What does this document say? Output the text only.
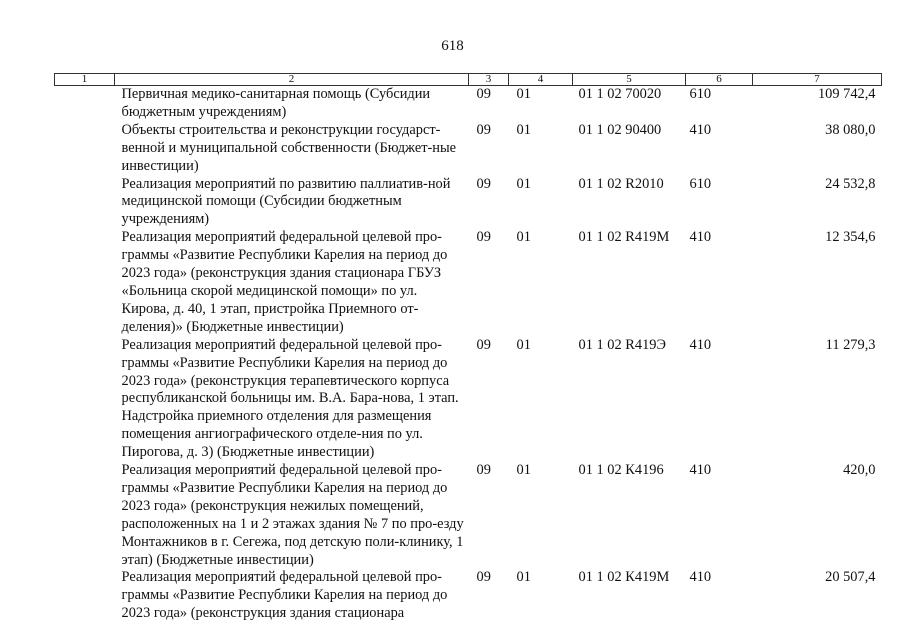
618
1	2	3	4	5	6	7
	Первичная медико-санитарная помощь (Субсидии бюджетным учреждениям)	09	01	01 1 02 70020	610	109 742,4
	Объекты строительства и реконструкции государст-венной и муниципальной собственности (Бюджет-ные инвестиции)	09	01	01 1 02 90400	410	38 080,0
	Реализация мероприятий по развитию паллиатив-ной медицинской помощи (Субсидии бюджетным учреждениям)	09	01	01 1 02 R2010	610	24 532,8
	Реализация мероприятий федеральной целевой про-граммы «Развитие Республики Карелия на период до 2023 года» (реконструкция здания стационара ГБУЗ «Больница скорой медицинской помощи» по ул. Кирова, д. 40, 1 этап, пристройка Приемного от-деления)» (Бюджетные инвестиции)	09	01	01 1 02 R419M	410	12 354,6
	Реализация мероприятий федеральной целевой про-граммы «Развитие Республики Карелия на период до 2023 года» (реконструкция терапевтического корпуса республиканской больницы им. В.А. Бара-нова, 1 этап. Надстройка приемного отделения для размещения помещения ангиографического отделе-ния по ул. Пирогова, д. 3) (Бюджетные инвестиции)	09	01	01 1 02 R419Э	410	11 279,3
	Реализация мероприятий федеральной целевой про-граммы «Развитие Республики Карелия на период до 2023 года» (реконструкция нежилых помещений, расположенных на 1 и 2 этажах здания № 7 по про-езду Монтажников в г. Сегежа, под детскую поли-клинику, 1 этап) (Бюджетные инвестиции)	09	01	01 1 02 К4196	410	420,0
	Реализация мероприятий федеральной целевой про-граммы «Развитие Республики Карелия на период до 2023 года» (реконструкция здания стационара	09	01	01 1 02 К419М	410	20 507,4
